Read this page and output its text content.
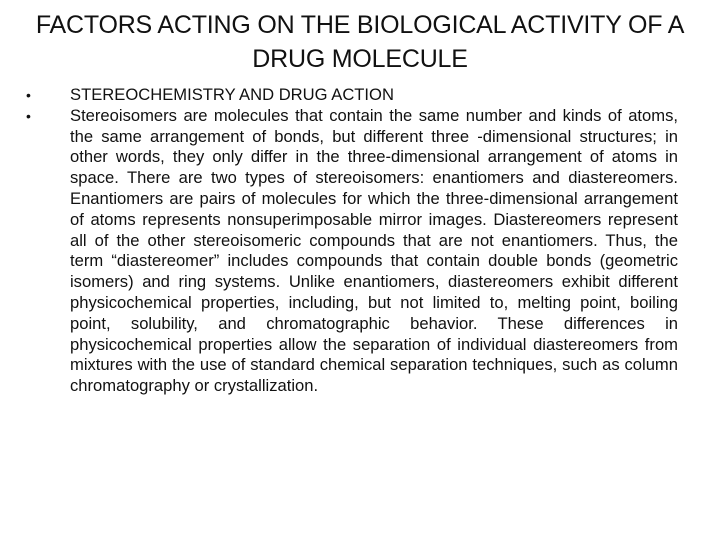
FACTORS ACTING ON THE BIOLOGICAL ACTIVITY OF A DRUG MOLECULE
• STEREOCHEMISTRY AND DRUG ACTION
• Stereoisomers are molecules that contain the same number and kinds of atoms, the same arrangement of bonds, but different three -dimensional structures; in other words, they only differ in the three-dimensional arrangement of atoms in space. There are two types of stereoisomers: enantiomers and diastereomers. Enantiomers are pairs of molecules for which the three-dimensional arrangement of atoms represents nonsuperimposable mirror images. Diastereomers represent all of the other stereoisomeric compounds that are not enantiomers. Thus, the term “diastereomer” includes compounds that contain double bonds (geometric isomers) and ring systems. Unlike enantiomers, diastereomers exhibit different physicochemical properties, including, but not limited to, melting point, boiling point, solubility, and chromatographic behavior. These differences in physicochemical properties allow the separation of individual diastereomers from mixtures with the use of standard chemical separation techniques, such as column chromatography or crystallization.
